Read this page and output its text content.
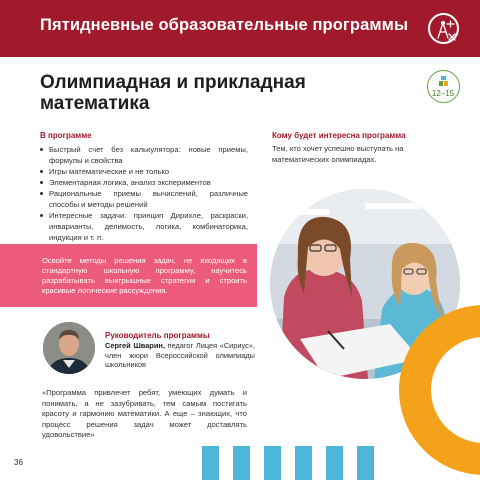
Пятидневные образовательные программы
Олимпиадная и прикладная
математика	12–15
В программе
Быстрый счет без калькулятора: новые приемы, формулы и свойства
Игры математические и не только
Элементарная логика, анализ экспериментов
Рациональные приемы вычислений, различные способы и методы решений
Интересные задачи: принцип Дирихле, раскраски, инварианты, делимость, логика, комбинаторика, индукция и т. п.
Кому будет интересна программа
Тем, кто хочет успешно выступать на математических олимпиадах.
Освойте методы решения задач, не входящих в стандартную школьную программу, научитесь разрабатывать выигрышные стратегии и строить красивые логические рассуждения.
Руководитель программы
Сергей Шварин, педагог Лицея «Сириус», член жюри Всероссийской олимпиады школьников
«Программа привлечет ребят, умеющих думать и понимать, а не зазубривать, тем самым постигать красоту и гармонию математики. А еще – знающих, что процесс решения задач может доставлять удовольствие»
36
